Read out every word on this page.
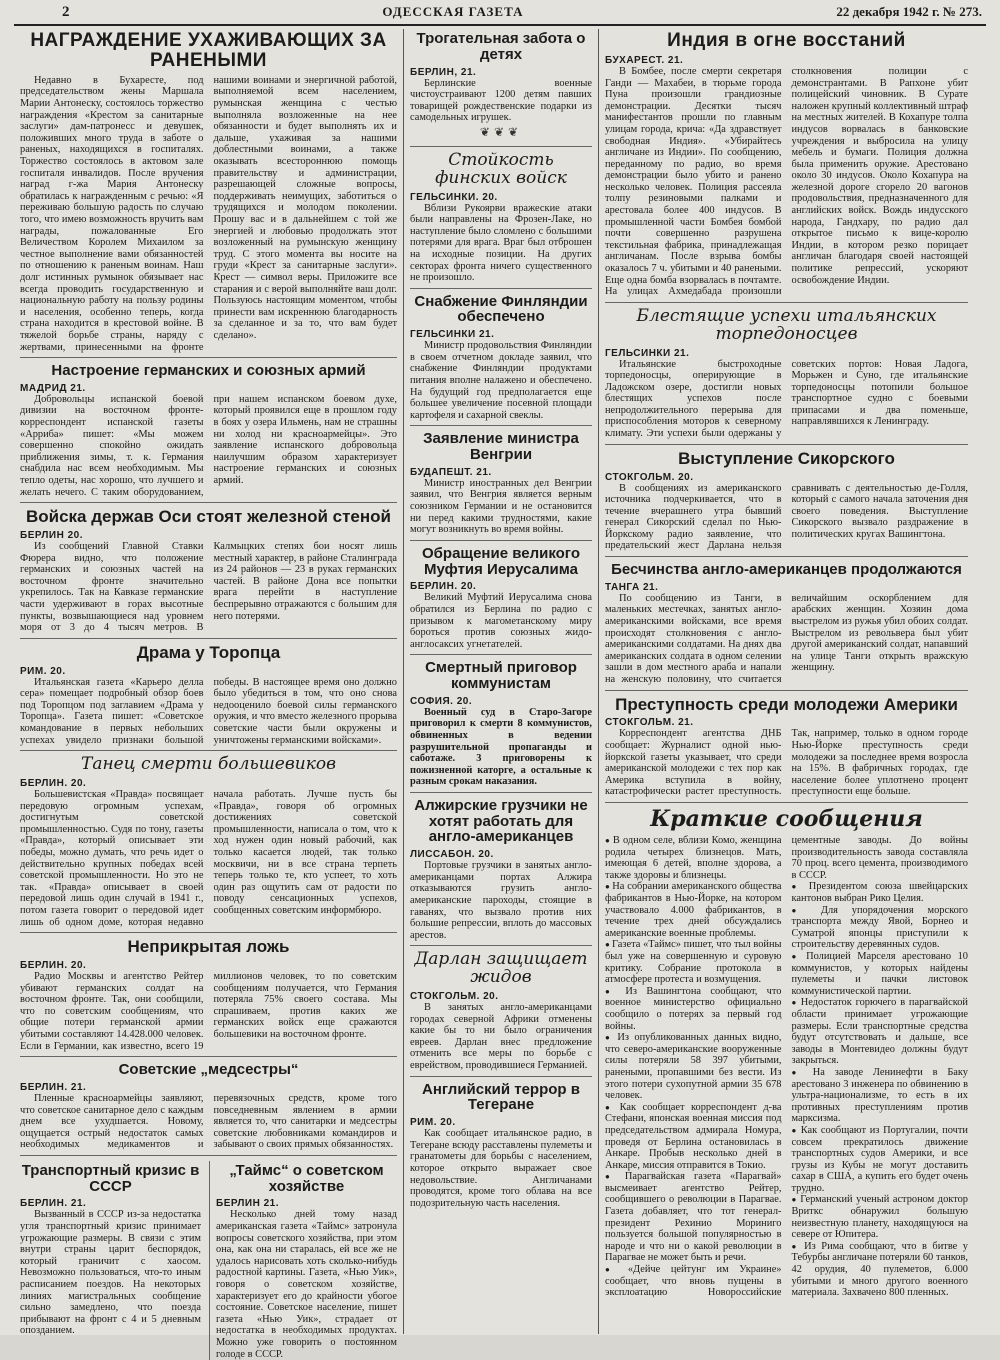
2	ОДЕССКАЯ ГАЗЕТА	22 декабря 1942 г. № 273.
НАГРАЖДЕНИЕ УХАЖИВАЮЩИХ ЗА РАНЕНЫМИ

Недавно в Бухаресте, под председательством жены Маршала Марии Антонеску, состоялось торжество награждения «Крестом за санитарные заслуги» дам-патронесс и девушек, положивших много труда в заботе о раненых, находящихся в госпиталях. Торжество состоялось в актовом зале госпиталя инвалидов. После вручения наград г-жа Мария Антонеску обратилась к награжденным с речью: «Я переживаю большую радость по случаю того, что имею возможность вручить вам награды, пожалованные Его Величеством Королем Михаилом за честное выполнение вами обязанностей по отношению к раненым воинам. Наш долг истинных румынок обязывает нас всегда проводить государственную и национальную работу на пользу родины и населения, особенно теперь, когда страна находится в крестовой войне. В тяжелой борьбе страны, наряду с жертвами, принесенными на фронте нашими воинами и энергичной работой, выполняемой всем населением, румынская женщина с честью выполняла возложенные на нее обязанности и будет выполнять их и дальше, ухаживая за нашими доблестными воинами, а также оказывать всестороннюю помощь правительству и администрации, разрешающей сложные вопросы, поддерживать неимущих, заботиться о трудящихся и молодом поколении. Прошу вас и в дальнейшем с той же энергией и любовью продолжать этот возложенный на румынскую женщину труд. С этого момента вы носите на груди «Крест за санитарные заслуги». Крест — символ веры. Приложите все старания и с верой выполняйте ваш долг. Пользуюсь настоящим моментом, чтобы принести вам искреннюю благодарность за сделанное и за то, что вам будет сделано».

Настроение германских и союзных армий
МАДРИД 21.

Добровольцы испанской боевой дивизии на восточном фронте-корреспондент испанской газеты «Арриба» пишет: «Мы можем совершенно спокойно ожидать приближения зимы, т. к. Германия снабдила нас всем необходимым. Мы тепло одеты, нас хорошо, что лучшего и желать нечего. С таким оборудованием, при нашем испанском боевом духе, который проявился еще в прошлом году в боях у озера Ильмень, нам не страшны ни холод ни красноармейцы». Это заявление испанского добровольца наилучшим образом характеризует настроение германских и союзных армий.

Войска держав Оси стоят железной стеной
БЕРЛИН 20.

Из сообщений Главной Ставки Фюрера видно, что положение германских и союзных частей на восточном фронте значительно укрепилось. Так на Кавказе германские части удерживают в горах высотные пункты, возвышающиеся над уровнем моря от 3 до 4 тысяч метров. В Калмыцких степях бои носят лишь местный характер, в районе Сталинграда из 24 районов — 23 в руках германских частей. В районе Дона все попытки врага перейти в наступление беспрерывно отражаются с большим для него потерями.

Драма у Торопца
РИМ. 20.

Итальянская газета «Карьеро делла сера» помещает подробный обзор боев под Торопцом под заглавием «Драма у Торопца». Газета пишет: «Советское командование в первых небольших успехах увидело признаки большой победы. В настоящее время оно должно было убедиться в том, что оно снова недооценило боевой силы германского оружия, и что вместо железного прорыва советские части были окружены и уничтожены германскими войсками».

Танец смерти большевиков
БЕРЛИН. 20.

Большевистская «Правда» посвящает передовую огромным успехам, достигнутым советской промышленностью. Судя по тону, газеты «Правда», который описывает эти победы, можно думать, что речь идет о действительно крупных победах всей советской промышленности. Но это не так. «Правда» описывает в своей передовой лишь один случай в 1941 г., потом газета говорит о передовой идет лишь об одном доме, которая недавно начала работать. Лучше пусть бы «Правда», говоря об огромных достижениях советской промышленности, написала о том, что к ход нужен один новый рабочий, как только касается людей, так только москвичи, ни в все страна терпеть теперь только те, кто успеет, то хоть один раз ощутить сам от радости по поводу сенсационных успехов, сообщенных советским информбюро.

Неприкрытая ложь
БЕРЛИН. 20.

Радио Москвы и агентство Рейтер убивают германских солдат на восточном фронте. Так, они сообщили, что по советским сообщениям, что общие потери германской армии убитыми составляют 14.428.000 человек. Если в Германии, как известно, всего 19 миллионов человек, то по советским сообщениям получается, что Германия потеряла 75% своего состава. Мы спрашиваем, против каких же германских войск еще сражаются большевики на восточном фронте.

Советские „медсестры“
БЕРЛИН. 21.

Пленные красноармейцы заявляют, что советское санитарное дело с каждым днем все ухудшается. Новому, ощущается острый недостаток самых необходимых медикаментов и перевязочных средств, кроме того повседневным явлением в армии является то, что санитарки и медсестры советские любовниками командиров и забывают о своих прямых обязанностях.

Транспортный кризис в СССР
БЕРЛИН. 21.

Вызванный в СССР из-за недостатка угля транспортный кризис принимает угрожающие размеры. В связи с этим внутри страны царит беспорядок, который граничит с хаосом. Невозможно пользоваться, что-то иным расписанием поездов. На некоторых линиях магистральных сообщение сильно замедлено, что поезда прибывают на фронт с 4 и 5 дневным опозданием.

„Таймс“ о советском хозяйстве
БЕРЛИН 21.

Несколько дней тому назад американская газета «Таймс» затронула вопросы советского хозяйства, при этом она, как она ни старалась, ей все же не удалось нарисовать хоть сколько-нибудь радостной картины. Газета, «Нью Уик», говоря о советском хозяйстве, характеризует его до крайности убогое состояние. Советское население, пишет газета «Нью Уик», страдает от недостатка в необходимых продуктах. Можно уже говорить о постоянном голоде в СССР.

Трогательная забота о детях
БЕРЛИН, 21.

Берлинские военные чистоустраивают 1200 детям павших товарищей рождественские подарки из самодельных игрушек.

❦❦❦
Стойкость финских войск
ГЕЛЬСИНКИ. 20.

Вблизи Рукоярви вражеские атаки были направлены на Фрозен-Лаке, но наступление было сломлено с большими потерями для врага. Враг был отброшен на исходные позиции. На других секторах фронта ничего существенного не произошло.

Снабжение Финляндии обеспечено
ГЕЛЬСИНКИ 21.

Министр продовольствия Финляндии в своем отчетном докладе заявил, что снабжение Финляндии продуктами питания вполне налажено и обеспечено. На будущий год предполагается еще большее увеличение посевной площади картофеля и сахарной свеклы.

Заявление министра Венгрии
БУДАПЕШТ. 21.

Министр иностранных дел Венгрии заявил, что Венгрия является верным союзником Германии и не остановится ни перед какими трудностями, какие могут возникнуть во время войны.

Обращение великого Муфтия Иерусалима
БЕРЛИН. 20.

Великий Муфтий Иерусалима снова обратился из Берлина по радио с призывом к магометанскому миру бороться против союзных жидо-англосаксих угнетателей.

Смертный приговор коммунистам
СОФИЯ. 20.

Военный суд в Старо-Загоре приговорил к смерти 8 коммунистов, обвиненных в ведении разрушительной пропаганды и саботаже. 3 приговорены к пожизненной каторге, а остальные к разным срокам наказания.

Алжирские грузчики не хотят работать для англо-американцев
ЛИССАБОН. 20.

Портовые грузчики в занятых англо-американцами портах Алжира отказываются грузить англо-американские пароходы, стоящие в гаванях, что вызвало против них большие репрессии, вплоть до массовых арестов.

Дарлан защищает жидов
СТОКГОЛЬМ. 20.

В занятых англо-американцами городах северной Африки отменены какие бы то ни было ограничения евреев. Дарлан внес предложение отменить все меры по борьбе с еврейством, проводившиеся Германией.

Английский террор в Тегеране
РИМ. 20.

Как сообщает итальянское радио, в Тегеране всюду расставлены пулеметы и гранатометы для борьбы с населением, которое открыто выражает свое недовольствие. Англичанами проводятся, кроме того облава на все подозрительную часть населения.

Индия в огне восстаний
БУХАРЕСТ. 21.

В Бомбее, после смерти секретаря Ганди — Махабеи, в тюрьме города Пуна произошли грандиозные демонстрации. Десятки тысяч манифестантов прошли по главным улицам города, крича: «Да здравствует свободная Индия». «Убирайтесь англичане из Индии». По сообщению, переданному по радио, во время демонстрации было убито и ранено несколько человек. Полиция рассеяла толпу резиновыми палками и арестовала более 400 индусов. В промышленной части Бомбея бомбой почти совершенно разрушена текстильная фабрика, принадлежащая англичанам. После взрыва бомбы оказалось 7 ч. убитыми и 40 ранеными. Еще одна бомба взорвалась в почтамте. На улицах Ахмедабада произошли столкновения полиции с демонстрантами. В Рапхоне убит полицейский чиновник. В Сурате наложен крупный коллективный штраф на местных жителей. В Кохапуре толпа индусов ворвалась в банковские учреждения и выбросила на улицу мебель и бумаги. Полиция должна была применить оружие. Арестовано около 30 индусов. Около Кохапура на железной дороге сгорело 20 вагонов продовольствия, предназначенного для английских войск. Вождь индусского народа, Гандхару, по радио дал открытое письмо к вице-королю Индии, в котором резко порицает англичан благодаря своей настоящей политике репрессий, ускоряют освобождение Индии.

Блестящие успехи итальянских торпедоносцев
ГЕЛЬСИНКИ 21.

Итальянские быстроходные торпедоносцы, оперирующие в Ладожском озере, достигли новых блестящих успехов после непродолжительного перерыва для приспособления моторов к северному климату. Эти успехи были одержаны у советских портов: Новая Ладога, Морьжен и Суно, где итальянские торпедоносцы потопили большое транспортное судно с боевыми припасами и два поменьше, направлявшихся к Ленинграду.

Выступление Сикорского
СТОКГОЛЬМ. 20.

В сообщениях из американского источника подчеркивается, что в течение вчерашнего утра бывший генерал Сикорский сделал по Нью-Йоркскому радио заявление, что предательский жест Дарлана нельзя сравнивать с деятельностью де-Голля, который с самого начала заточения дня своего поведения. Выступление Сикорского вызвало раздражение в политических кругах Вашингтона.

Бесчинства англо-американцев продолжаются
ТАНГА 21.

По сообщению из Танги, в маленьких местечках, занятых англо-американскими войсками, все время происходят столкновения с англо-американскими солдатами. На днях два американских солдата в одном селении зашли в дом местного араба и напали на женскую половину, что считается величайшим оскорблением для арабских женщин. Хозяин дома выстрелом из ружья убил обоих солдат. Выстрелом из револьвера был убит другой американский солдат, напавший на улице Танги открыть вражскую женщину.

Преступность среди молодежи Америки
СТОКГОЛЬМ. 21.

Корреспондент агентства ДНБ сообщает: Журналист одной нью-йоркской газеты указывает, что среди американской молодежи с тех пор как Америка вступила в войну, катастрофически растет преступность. Так, например, только в одном городе Нью-Йорке преступность среди молодежи за последнее время возросла на 15%. В фабричных городах, где население более уплотнено процент преступности еще больше.

Краткие сообщения

● В одном селе, вблизи Комо, женщина родила четырех близнецов. Мать, имеющая 6 детей, вполне здорова, а также здоровы и близнецы.

● На собрании американского общества фабрикантов в Нью-Йорке, на котором участвовало 4.000 фабрикантов, в течение трех дней обсуждались американские военные проблемы.

● Газета «Таймс» пишет, что тыл войны был уже на совершенную и суровую критику. Собрание протокола в атмосфере протеста и возмущения.

● Из Вашингтона сообщают, что военное министерство официально сообщило о потерях за первый год войны.

● Из опубликованных данных видно, что северо-американские вооруженные силы потеряли 58 397 убитыми, ранеными, пропавшими без вести. Из этого потери сухопутной армии 35 678 человек.

● Как сообщает корреспондент д-ва Стефани, японская военная миссия под председательством адмирала Номура, проведя от Берлина остановилась в Анкаре. Пробыв несколько дней в Анкаре, миссия отправится в Токио.

● Парагвайская газета «Парагвай» высмеивает агентство Рейтер, сообщившего о революции в Парагвае. Газета добавляет, что тот генерал-президент Рехинио Мориниго пользуется большой популярностью в народе и что ни о какой революции в Парагвае не может быть и речи.

● «Дейче цейтунг им Украине» сообщает, что вновь пущены в эксплоатацию Новороссийские цементные заводы. До войны производительность завода составляла 70 проц. всего цемента, производимого в СССР.

● Президентом союза швейцарских кантонов выбран Рико Целия.

● Для упорядочения морского транспорта между Явой, Борнео и Суматрой японцы приступили к строительству деревянных судов.

● Полицией Марселя арестовано 10 коммунистов, у которых найдены пулеметы и пачки листовок коммунистической партии.

● Недостаток горючего в парагвайской области принимает угрожающие размеры. Если транспортные средства будут отсутствовать и дальше, все заводы в Монтевидео должны будут закрыться.

● На заводе Ленинефти в Баку арестовано 3 инженера по обвинению в ультра-национализме, то есть в их противных преступлениям против марксизма.

● Как сообщают из Португалии, почти совсем прекратилось движение транспортных судов Америки, и все грузы из Кубы не могут доставить сахар в США, а купить его будет очень трудно.

● Германский ученый астроном доктор Вриткс обнаружил большую неизвестную планету, находящуюся на севере от Юпитера.

● Из Рима сообщают, что в битве у Тебурбы англичане потеряли 60 танков, 42 орудия, 40 пулеметов, 6.000 убитыми и много другого военного материала. Захвачено 800 пленных.
